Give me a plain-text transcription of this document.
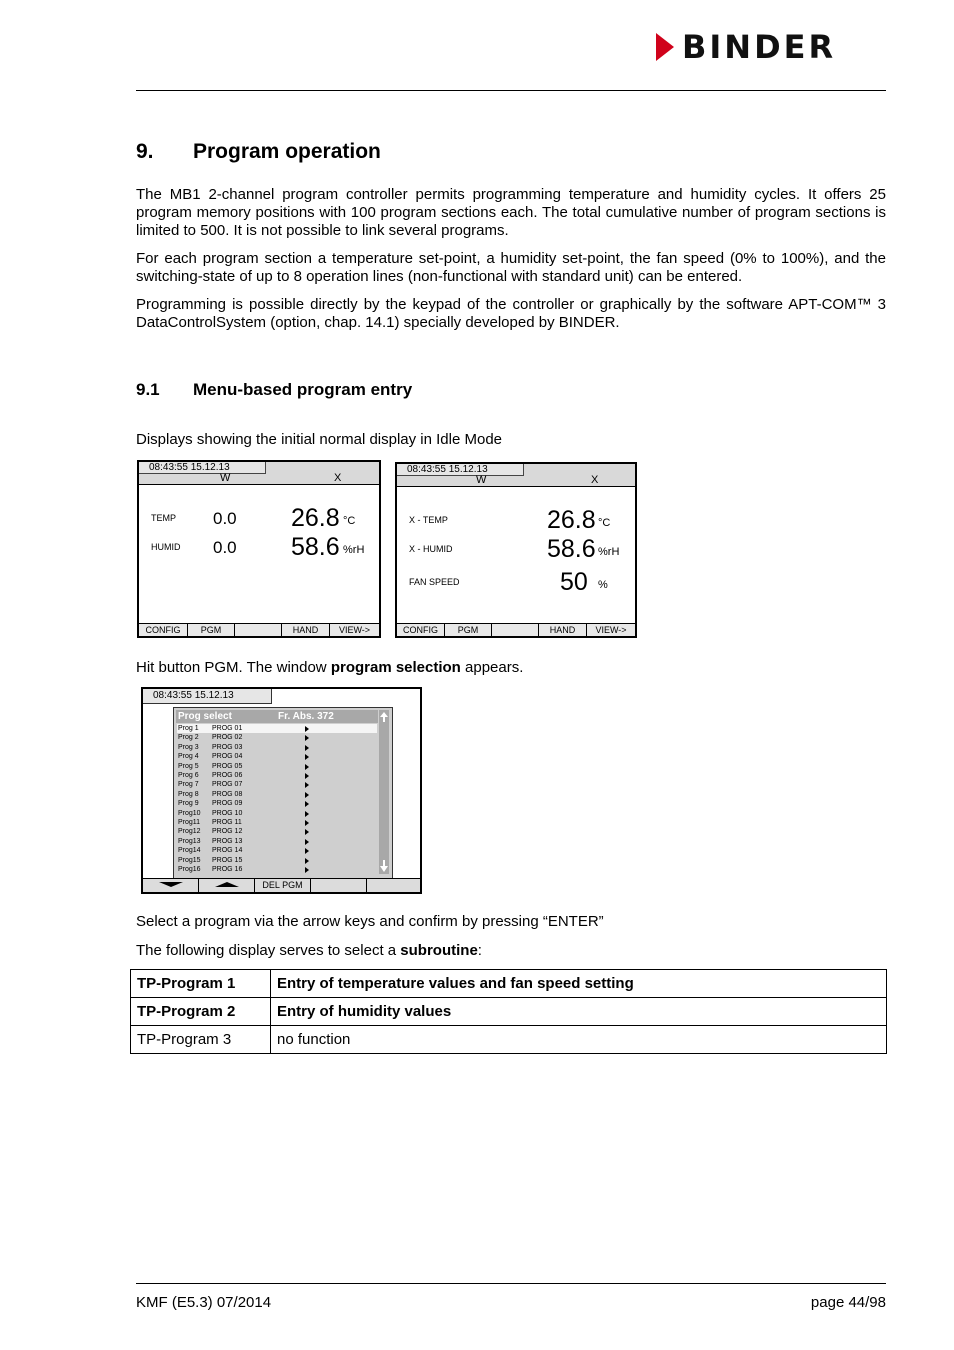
BINDER
9. Program operation
The MB1 2-channel program controller permits programming temperature and humidity cycles. It offers 25 program memory positions with 100 program sections each. The total cumulative number of program sections is limited to 500. It is not possible to link several programs.
For each program section a temperature set-point, a humidity set-point, the fan speed (0% to 100%), and the switching-state of up to 8 operation lines (non-functional with standard unit) can be entered.
Programming is possible directly by the keypad of the controller or graphically by the software APT-COM™ 3 DataControlSystem (option, chap. 14.1) specially developed by BINDER.
9.1 Menu-based program entry
Displays showing the initial normal display in Idle Mode
08:43:55 15.12.13
W	X
TEMP 0.0 26.8 °C
HUMID 0.0 58.6 %rH
CONFIG	PGM	HAND	VIEW->
08:43:55 15.12.13
W	X
X - TEMP	26.8 °C
X - HUMID	58.6 %rH
FAN SPEED	50 %
CONFIG	PGM	HAND	VIEW->
Hit button PGM. The window program selection appears.
08:43:55 15.12.13
Prog select	Fr. Abs. 372
Prog 1 PROG 01
Prog 2 PROG 02
Prog 3 PROG 03
Prog 4 PROG 04
Prog 5 PROG 05
Prog 6 PROG 06
Prog 7 PROG 07
Prog 8 PROG 08
Prog 9 PROG 09
Prog10 PROG 10
Prog11 PROG 11
Prog12 PROG 12
Prog13 PROG 13
Prog14 PROG 14
Prog15 PROG 15
Prog16 PROG 16
DEL PGM
Select a program via the arrow keys and confirm by pressing “ENTER”
The following display serves to select a subroutine:
TP-Program 1	Entry of temperature values and fan speed setting
TP-Program 2	Entry of humidity values
TP-Program 3	no function
KMF (E5.3) 07/2014	page 44/98
